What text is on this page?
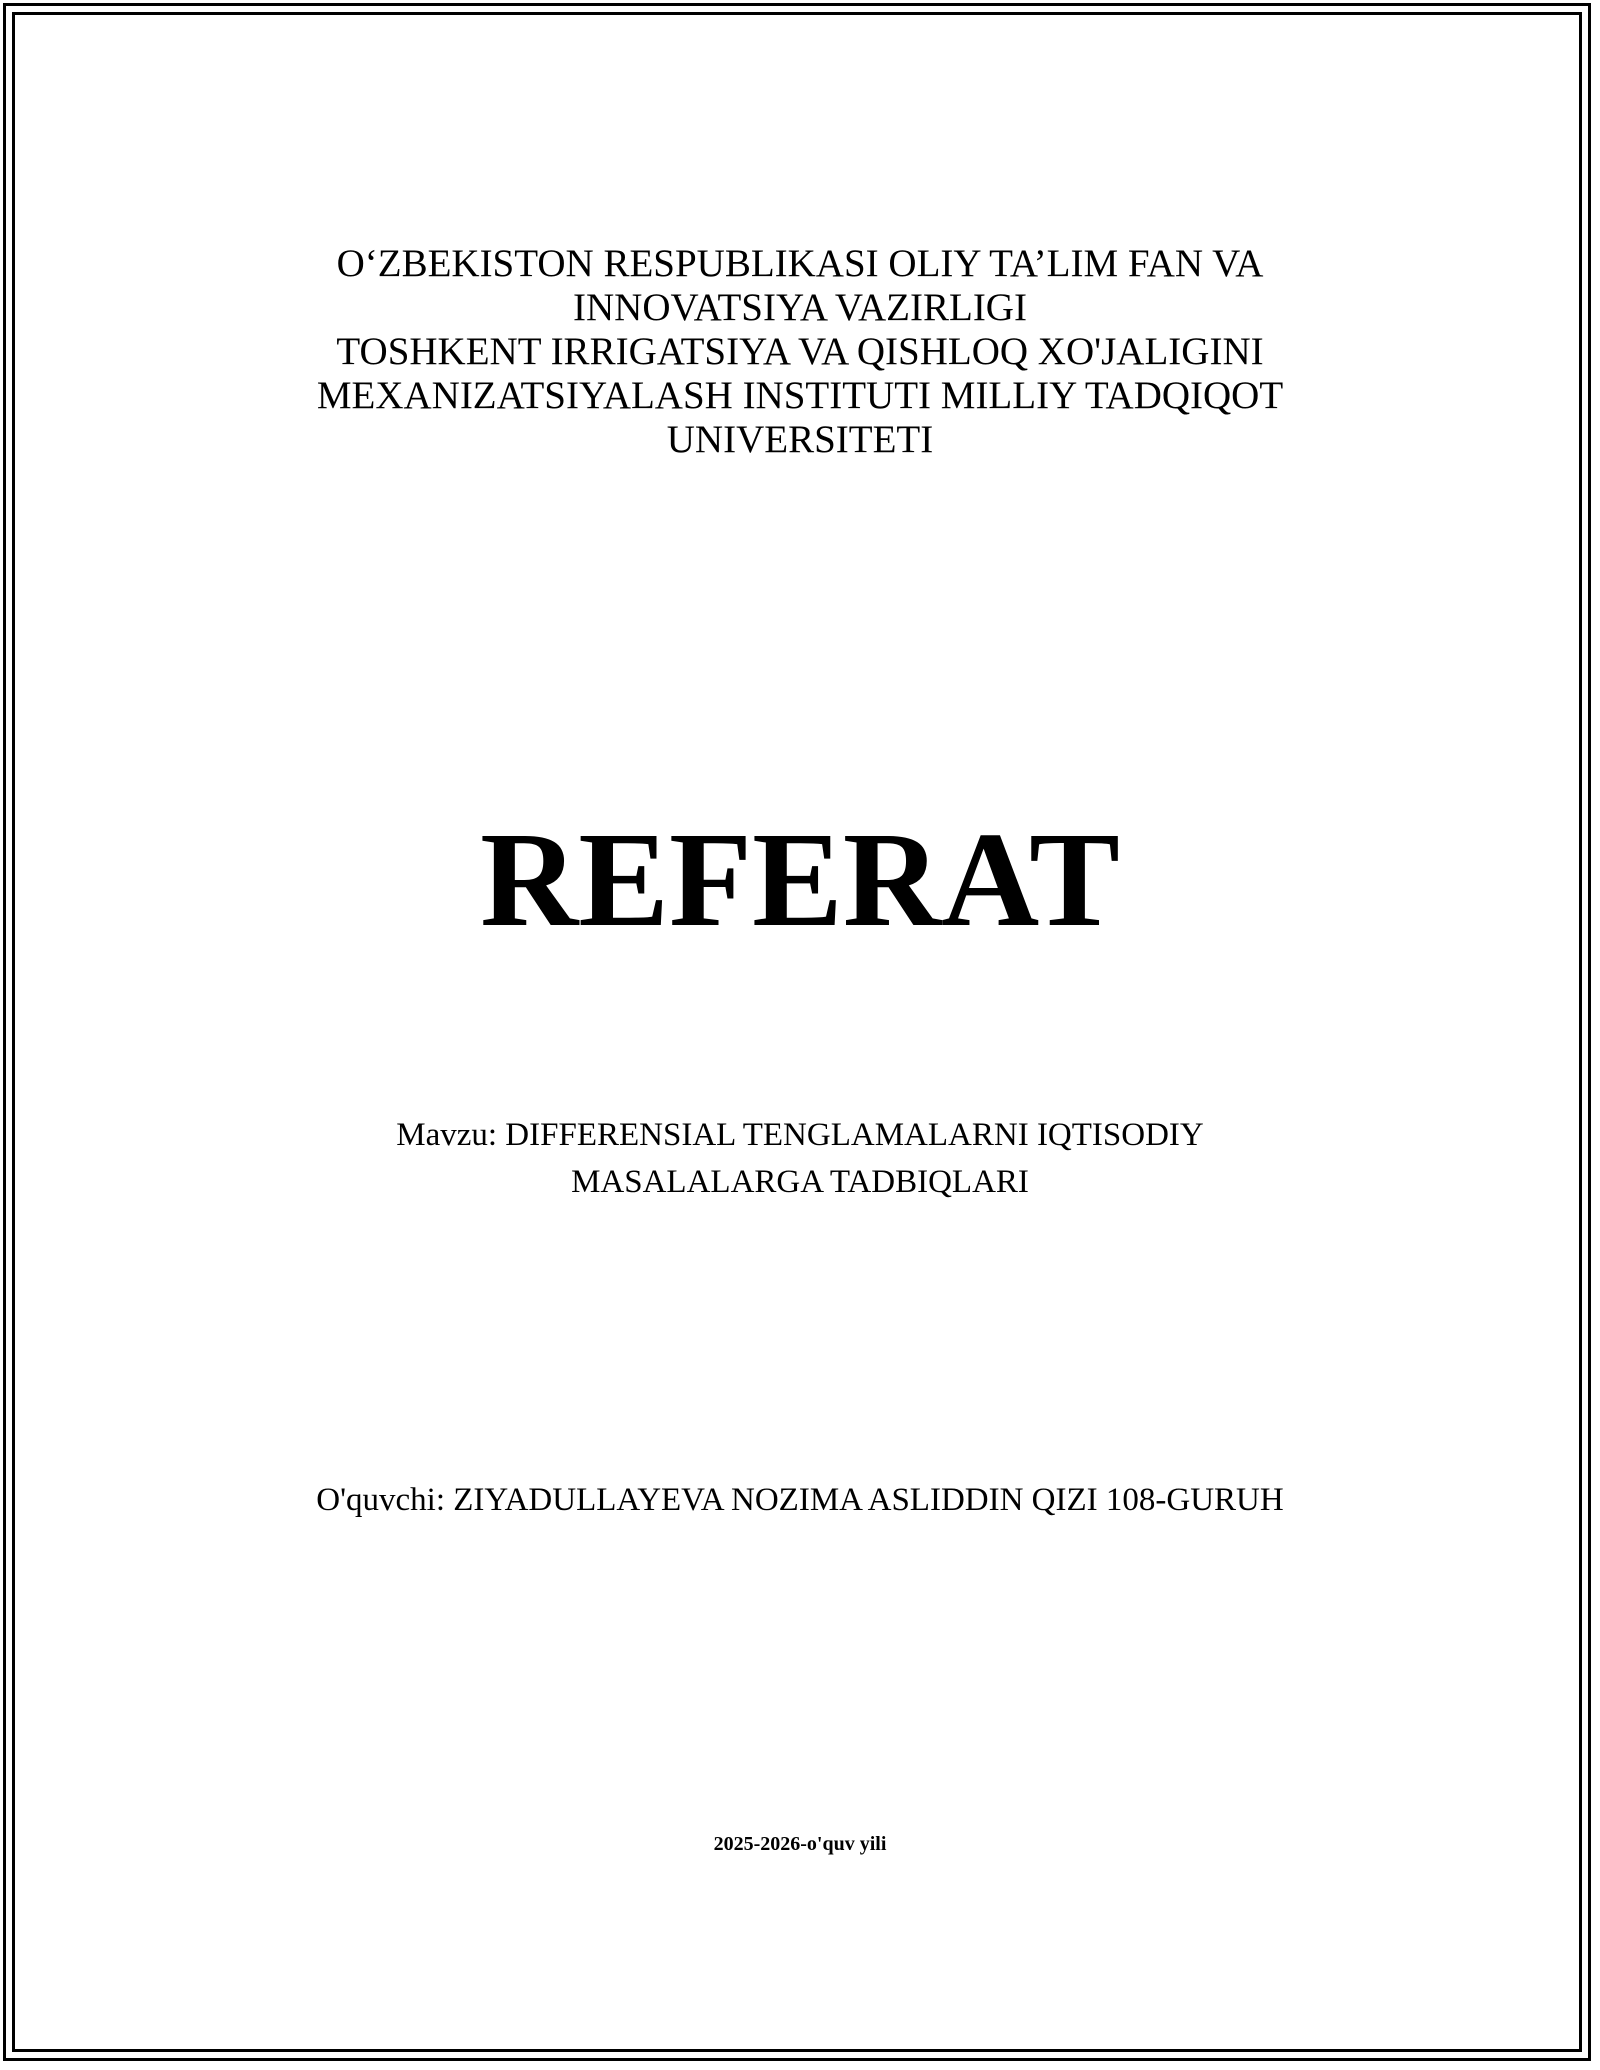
O‘ZBEKISTON RESPUBLIKASI OLIY TA’LIM FAN VA
INNOVATSIYA VAZIRLIGI
TOSHKENT IRRIGATSIYA VA QISHLOQ XO'JALIGINI
MEXANIZATSIYALASH INSTITUTI MILLIY TADQIQOT
UNIVERSITETI
REFERAT
Mavzu: DIFFERENSIAL TENGLAMALARNI IQTISODIY
MASALALARGA TADBIQLARI
O'quvchi: ZIYADULLAYEVA NOZIMA ASLIDDIN QIZI 108-GURUH
2025-2026-o'quv yili
